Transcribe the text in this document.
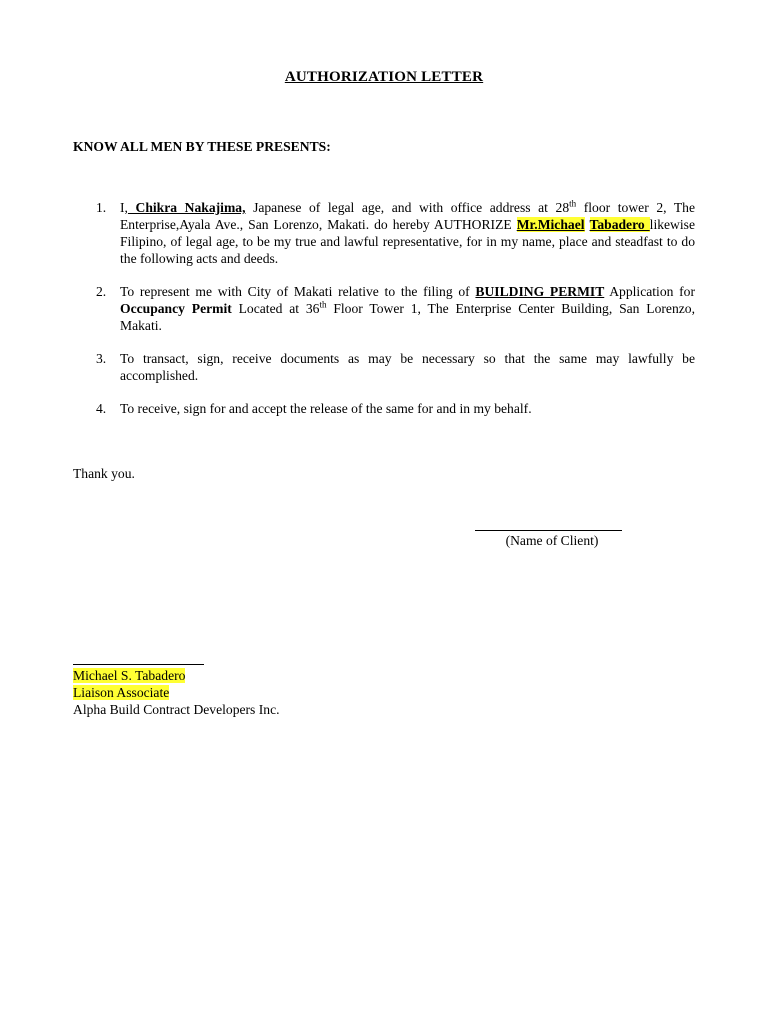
AUTHORIZATION LETTER
KNOW ALL MEN BY THESE PRESENTS:
1. I, Chikra Nakajima, Japanese of legal age, and with office address at 28th floor tower 2, The Enterprise,Ayala Ave., San Lorenzo, Makati. do hereby AUTHORIZE Mr.Michael Tabadero likewise Filipino, of legal age, to be my true and lawful representative, for in my name, place and steadfast to do the following acts and deeds.
2. To represent me with City of Makati relative to the filing of BUILDING PERMIT Application for Occupancy Permit Located at 36th Floor Tower 1, The Enterprise Center Building, San Lorenzo, Makati.
3. To transact, sign, receive documents as may be necessary so that the same may lawfully be accomplished.
4. To receive, sign for and accept the release of the same for and in my behalf.
Thank you.
(Name of Client)
Michael S. Tabadero
Liaison Associate
Alpha Build Contract Developers Inc.
